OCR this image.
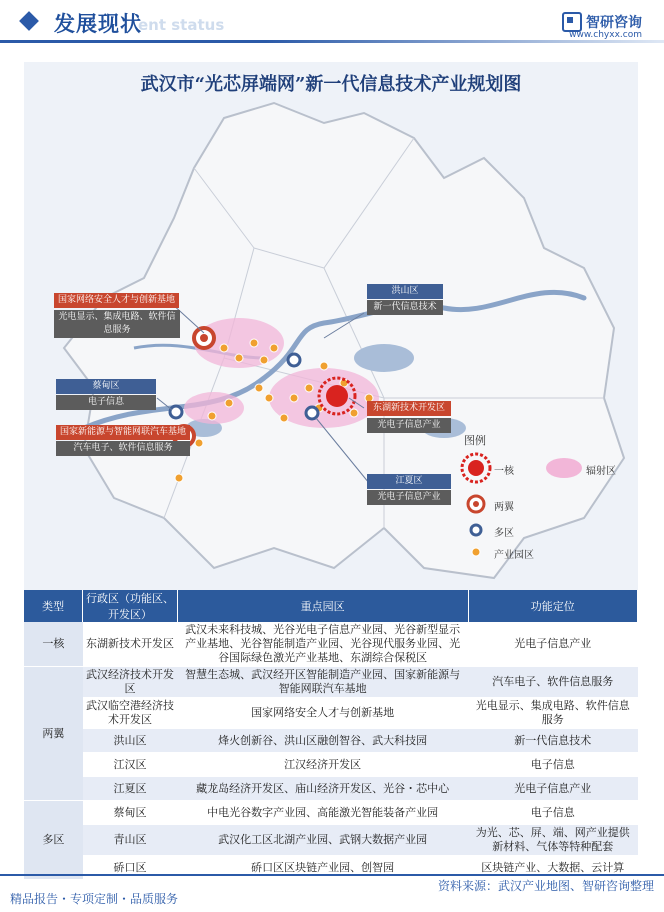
发展现状
ent status	智研咨询
www.chyxx.com
武汉市“光芯屏端网”新一代信息技术产业规划图
国家网络安全人才与创新基地
光电显示、集成电路、软件信息服务
蔡甸区
电子信息
国家新能源与智能网联汽车基地
汽车电子、软件信息服务
洪山区
新一代信息技术
东湖新技术开发区
光电子信息产业
江夏区
光电子信息产业
图例
一核	辐射区
两翼
多区
产业园区
类型	行政区（功能区、开发区）	重点园区	功能定位
一核	东湖新技术开发区	武汉未来科技城、光谷光电子信息产业园、光谷新型显示产业基地、光谷智能制造产业园、光谷现代服务业园、光谷国际绿色激光产业基地、东湖综合保税区	光电子信息产业
两翼	武汉经济技术开发区	智慧生态城、武汉经开区智能制造产业园、国家新能源与智能网联汽车基地	汽车电子、软件信息服务
	武汉临空港经济技术开发区	国家网络安全人才与创新基地	光电显示、集成电路、软件信息服务
	洪山区	烽火创新谷、洪山区融创智谷、武大科技园	新一代信息技术
	江汉区	江汉经济开发区	电子信息
	江夏区	藏龙岛经济开发区、庙山经济开发区、光谷・芯中心	光电子信息产业
多区	蔡甸区	中电光谷数字产业园、高能激光智能装备产业园	电子信息
	青山区	武汉化工区北湖产业园、武钢大数据产业园	为光、芯、屏、端、网产业提供新材料、气体等特种配套
	硚口区	硚口区区块链产业园、创智园	区块链产业、大数据、云计算
资料来源：武汉产业地图、智研咨询整理
精品报告・专项定制・品质服务
